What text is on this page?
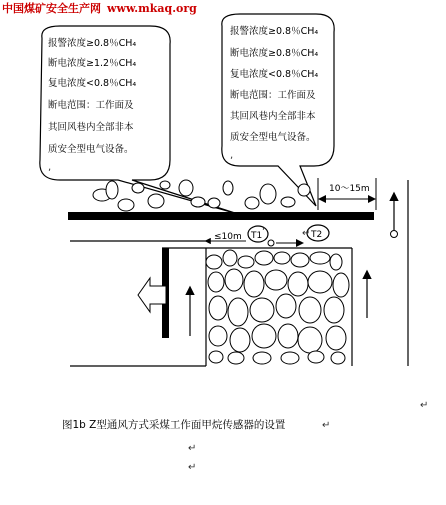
中国煤矿安全生产网 www.mkaq.org
报警浓度≥0.8％CH₄
断电浓度≥1.2％CH₄
复电浓度<0.8％CH₄
断电范围：工作面及
其回风巷内全部非本
质安全型电气设备。
,
报警浓度≥0.8％CH₄
断电浓度≥0.8％CH₄
复电浓度<0.8％CH₄
断电范围：工作面及
其回风巷内全部非本
质安全型电气设备。
,
10～15m
T1	T2
≤10m
图1b Z型通风方式采煤工作面甲烷传感器的设置
↵
↵
↵
↵
↵
,
